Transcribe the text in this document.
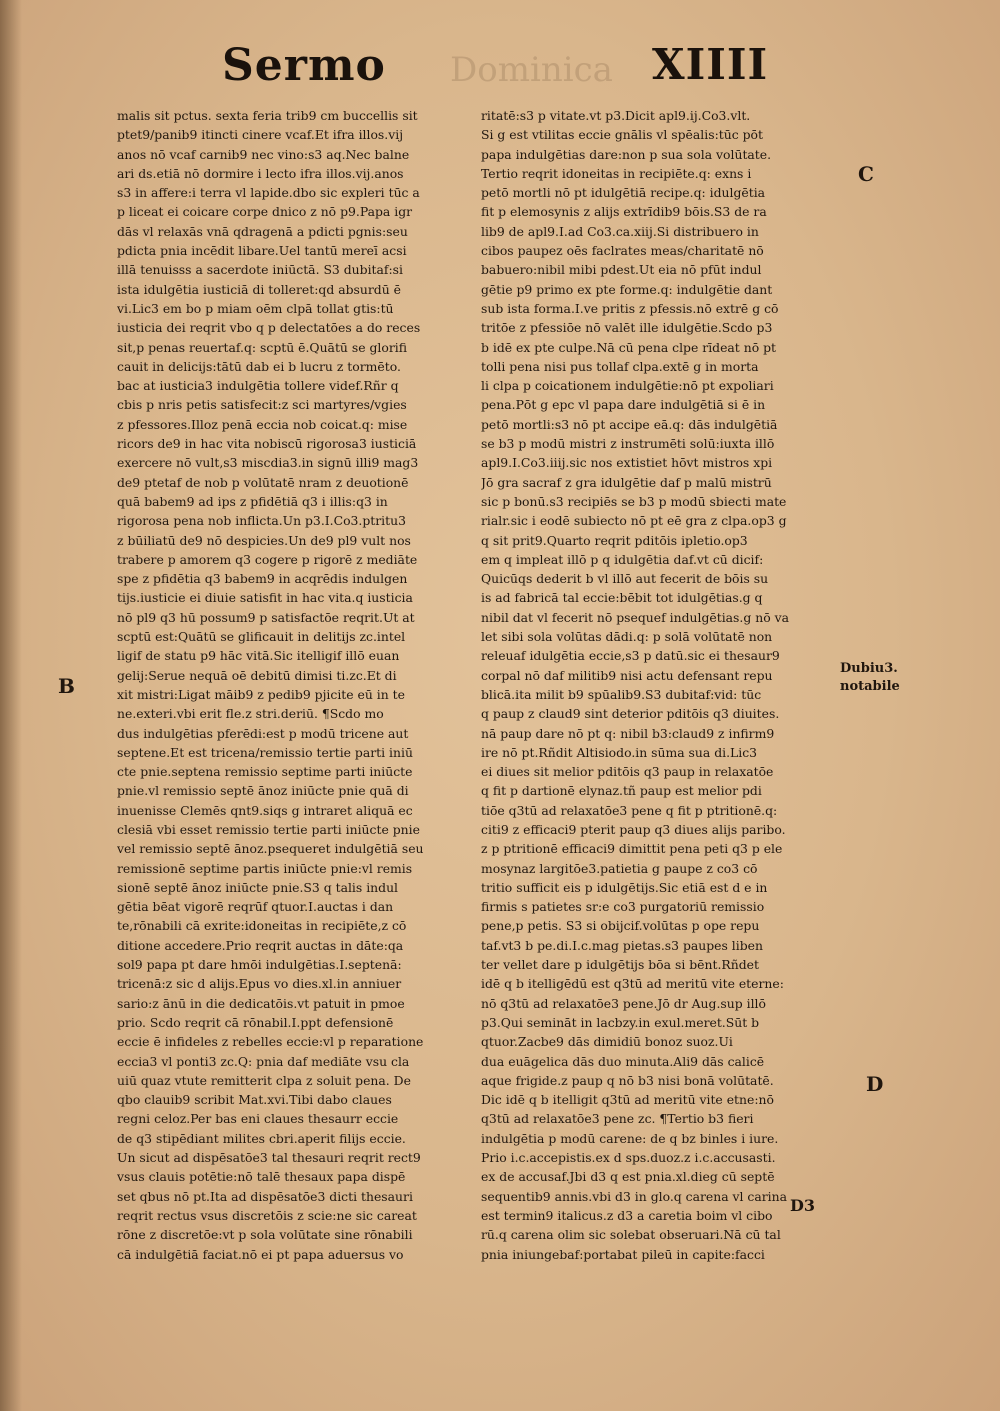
Sermo Dominica XIIII
malis sit pctus. sexta feria trib9 cm buccellis sit
ptet9/panib9 itincti cinere vcaf.Et ifra illos.vij
anos nō vcaf carnib9 nec vino:s3 aq.Nec balne
ari ds.etiā nō dormire i lecto ifra illos.vij.anos
s3 in affere:i terra vl lapide.dbo sic expleri tūc a
p liceat ei coicare corpe dnico z nō p9.Papa igr
dās vl relaxās vnā qdragenā a pdicti pgnis:seu
pdicta pnia incēdit libare.Uel tantū mereī acsi
illā tenuisss a sacerdote iniūctā. S3 dubitaf:si
ista idulgētia iusticiā di tolleret:qd absurdū ē
vi.Lic3 em bo p miam oēm clpā tollat gtis:tū
iusticia dei reqrit vbo q p delectatōes a do reces
sit,p penas reuertaf.q: scptū ē.Quātū se glorifi
cauit in delicijs:tātū dab ei b lucru z tormēto.
bac at iusticia3 indulgētia tollere videf.Rñr q
cbis p nris petis satisfecit:z sci martyres/vgies
z pfessores.Illoz penā eccia nob coicat.q: mise
ricors de9 in hac vita nobiscū rigorosa3 iusticiā
exercere nō vult,s3 miscdia3.in signū illi9 mag3
de9 ptetaf de nob p volūtatē nram z deuotionē
quā babem9 ad ips z pfidētiā q3 i illis:q3 in
rigorosa pena nob inflicta.Un p3.I.Co3.ptritu3
z būiliatū de9 nō despicies.Un de9 pl9 vult nos
trabere p amorem q3 cogere p rigorē z mediāte
spe z pfidētia q3 babem9 in acqrēdis indulgen
tijs.iusticie ei diuie satisfit in hac vita.q iusticia
nō pl9 q3 hū possum9 p satisfactōe reqrit.Ut at
scptū est:Quātū se glificauit in delitijs zc.intel
ligif de statu p9 hāc vitā.Sic itelligif illō euan
gelij:Serue nequā oē debitū dimisi ti.zc.Et di
xit mistri:Ligat māib9 z pedib9 pjicite eū in te
ne.exteri.vbi erit fle.z stri.deriū. ¶Scdo mo
dus indulgētias pferēdi:est p modū tricene aut
septene.Et est tricena/remissio tertie parti iniū
cte pnie.septena remissio septime parti iniūcte
pnie.vl remissio septē ānoz iniūcte pnie quā di
inuenisse Clemēs qnt9.siqs g intraret aliquā ec
clesiā vbi esset remissio tertie parti iniūcte pnie
vel remissio septē ānoz.psequeret indulgētiā seu
remissionē septime partis iniūcte pnie:vl remis
sionē septē ānoz iniūcte pnie.S3 q talis indul
gētia bēat vigorē reqrūf qtuor.I.auctas i dan
te,rōnabili cā exrite:idoneitas in recipiēte,z cō
ditione accedere.Prio reqrit auctas in dāte:qa
sol9 papa pt dare hmōi indulgētias.I.septenā:
tricenā:z sic d alijs.Epus vo dies.xl.in anniuer
sario:z ānū in die dedicatōis.vt patuit in pmoe
prio. Scdo reqrit cā rōnabil.I.ppt defensionē
eccie ē infideles z rebelles eccie:vl p reparatione
eccia3 vl ponti3 zc.Q: pnia daf mediāte vsu cla
uiū quaz vtute remitterit clpa z soluit pena. De
qbo clauib9 scribit Mat.xvi.Tibi dabo claues
regni celoz.Per bas eni claues thesaurr eccie
de q3 stipēdiant milites cbri.aperit filijs eccie.
Un sicut ad dispēsatōe3 tal thesauri reqrit rect9
vsus clauis potētie:nō talē thesaux papa dispē
set qbus nō pt.Ita ad dispēsatōe3 dicti thesauri
reqrit rectus vsus discretōis z scie:ne sic careat
rōne z discretōe:vt p sola volūtate sine rōnabili
cā indulgētiā faciat.nō ei pt papa aduersus vo
ritatē:s3 p vitate.vt p3.Dicit apl9.ij.Co3.vlt.
Si g est vtilitas eccie gnālis vl spēalis:tūc pōt
papa indulgētias dare:non p sua sola volūtate.
Tertio reqrit idoneitas in recipiēte.q: exns i
petō mortli nō pt idulgētiā recipe.q: idulgētia
fit p elemosynis z alijs extrīdib9 bōis.S3 de ra
lib9 de apl9.I.ad Co3.ca.xiij.Si distribuero in
cibos paupez oēs faclrates meas/charitatē nō
babuero:nibil mibi pdest.Ut eia nō pfūt indul
gētie p9 primo ex pte forme.q: indulgētie dant
sub ista forma.I.ve pritis z pfessis.nō extrē g cō
tritōe z pfessiōe nō valēt ille idulgētie.Scdo p3
b idē ex pte culpe.Nā cū pena clpe rīdeat nō pt
tolli pena nisi pus tollaf clpa.extē g in morta
li clpa p coicationem indulgētie:nō pt expoliari
pena.Pōt g epc vl papa dare indulgētiā si ē in
petō mortli:s3 nō pt accipe eā.q: dās indulgētiā
se b3 p modū mistri z instrumēti solū:iuxta illō
apl9.I.Co3.iiij.sic nos extistiet hōvt mistros xpi
Jō gra sacraf z gra idulgētie daf p malū mistrū
sic p bonū.s3 recipiēs se b3 p modū sbiecti mate
rialr.sic i eodē subiecto nō pt eē gra z clpa.op3 g
q sit prit9.Quarto reqrit pditōis ipletio.op3
em q impleat illō p q idulgētia daf.vt cū dicif:
Quicūqs dederit b vl illō aut fecerit de bōis su
is ad fabricā tal eccie:bēbit tot idulgētias.g q
nibil dat vl fecerit nō psequef indulgētias.g nō va
let sibi sola volūtas dādi.q: p solā volūtatē non
releuaf idulgētia eccie,s3 p datū.sic ei thesaur9
corpal nō daf militib9 nisi actu defensant repu
blicā.ita milit b9 spūalib9.S3 dubitaf:vid: tūc
q paup z claud9 sint deterior pditōis q3 diuites.
nā paup dare nō pt q: nibil b3:claud9 z infirm9
ire nō pt.Rñdit Altisiodo.in sūma sua di.Lic3
ei diues sit melior pditōis q3 paup in relaxatōe
q fit p dartionē elynaz.tñ paup est melior pdi
tiōe q3tū ad relaxatōe3 pene q fit p ptritionē.q:
citi9 z efficaci9 pterit paup q3 diues alijs paribo.
z p ptritionē efficaci9 dimittit pena peti q3 p ele
mosynaz largitōe3.patietia g paupe z co3 cō
tritio sufficit eis p idulgētijs.Sic etiā est d e in
firmis s patietes sr:e co3 purgatoriū remissio
pene,p petis. S3 si obijcif.volūtas p ope repu
taf.vt3 b pe.di.I.c.mag pietas.s3 paupes liben
ter vellet dare p idulgētijs bōa si bēnt.Rñdet
idē q b itelligēdū est q3tū ad meritū vite eterne:
nō q3tū ad relaxatōe3 pene.Jō dr Aug.sup illō
p3.Qui semināt in lacbzy.in exul.meret.Sūt b
qtuor.Zacbe9 dās dimidiū bonoz suoz.Ui
dua euāgelica dās duo minuta.Ali9 dās calicē
aque frigide.z paup q nō b3 nisi bonā volūtatē.
Dic idē q b itelligit q3tū ad meritū vite etne:nō
q3tū ad relaxatōe3 pene zc. ¶Tertio b3 fieri
indulgētia p modū carene: de q bz binles i iure.
Prio i.c.accepistis.ex d sps.duoz.z i.c.accusasti.
ex de accusaf.Jbi d3 q est pnia.xl.dieg cū septē
sequentib9 annis.vbi d3 in glo.q carena vl carina
est termin9 italicus.z d3 a caretia boim vl cibo
rū.q carena olim sic solebat obseruari.Nā cū tal
pnia iniungebaf:portabat pileū in capite:facci
B
C
D
Dubiu3.
notabile
D3
